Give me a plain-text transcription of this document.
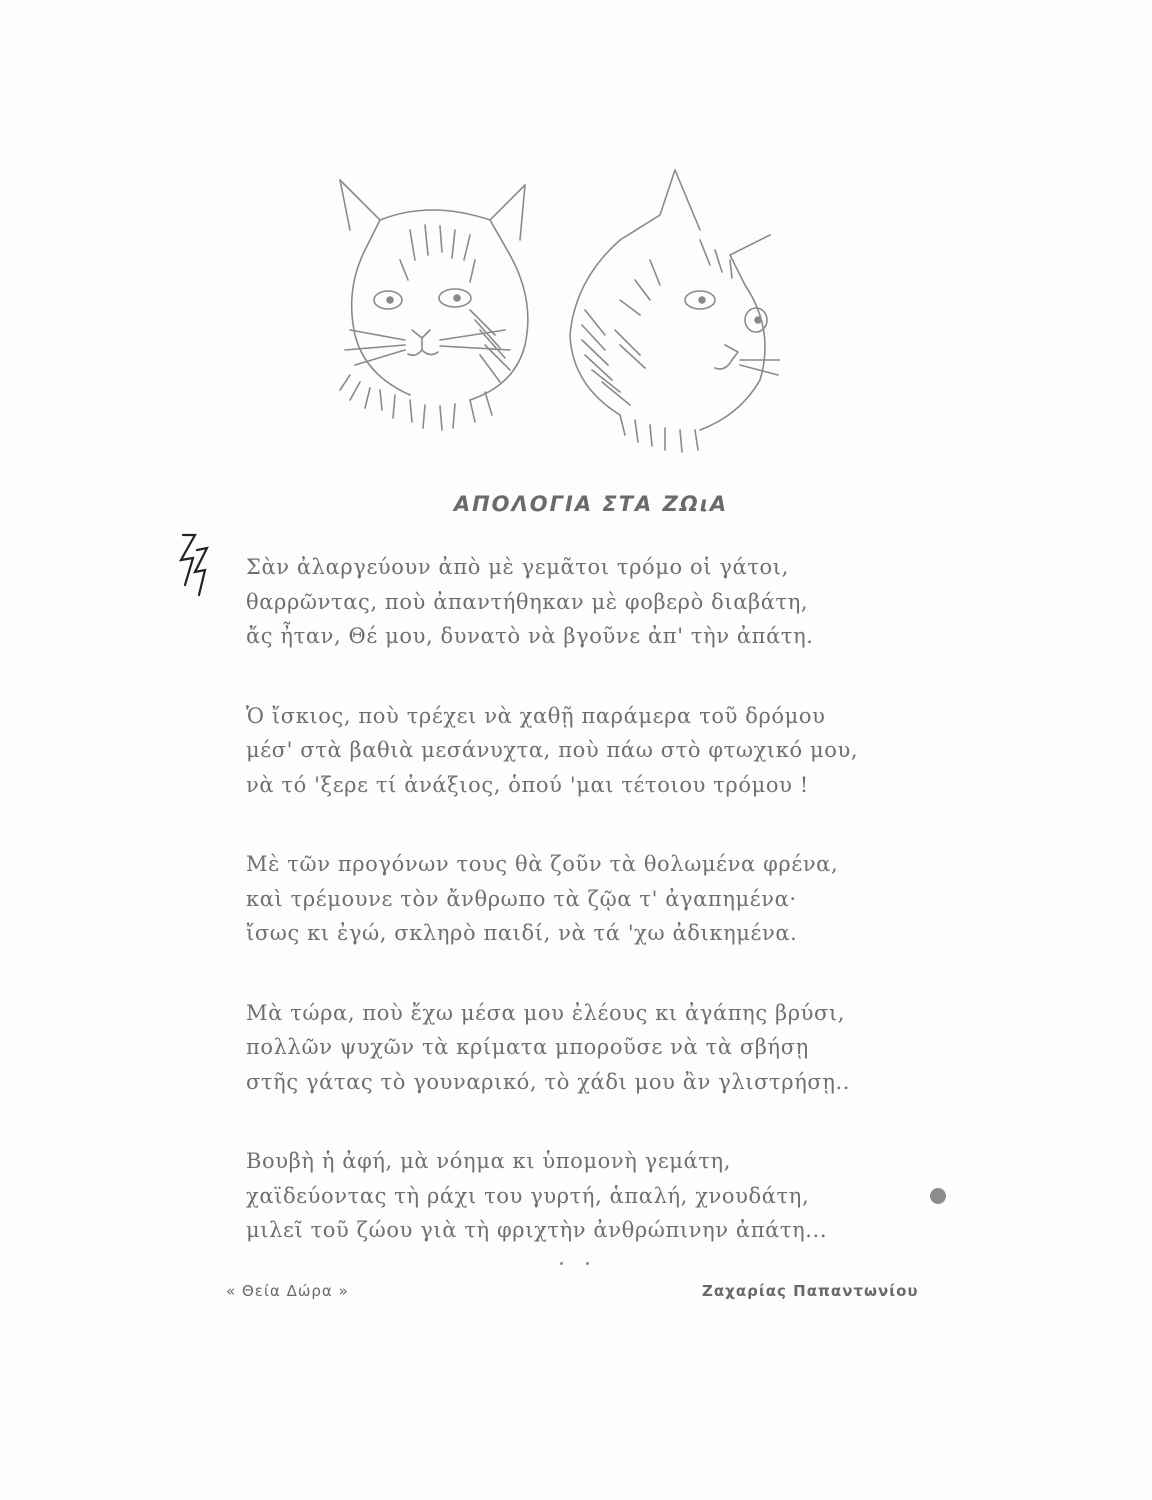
ΑΠΟΛΟΓΙΑ ΣΤΑ ΖΩιΑ
Σὰν ἀλαργεύουν ἀπὸ μὲ γεμᾶτοι τρόμο οἱ γάτοι,
θαρρῶντας, ποὺ ἀπαντήθηκαν μὲ φοβερὸ διαβάτη,
ἄς ἦταν, Θέ μου, δυνατὸ νὰ βγοῦνε ἀπ' τὴν ἀπάτη.
Ὁ ἴσκιος, ποὺ τρέχει νὰ χαθῇ παράμερα τοῦ δρόμου
μέσ' στὰ βαθιὰ μεσάνυχτα, ποὺ πάω στὸ φτωχικό μου,
νὰ τό 'ξερε τί ἀνάξιος, ὁπού 'μαι τέτοιου τρόμου !
Μὲ τῶν προγόνων τους θὰ ζοῦν τὰ θολωμένα φρένα,
καὶ τρέμουνε τὸν ἄνθρωπο τὰ ζῷα τ' ἀγαπημένα·
ἴσως κι ἐγώ, σκληρὸ παιδί, νὰ τά 'χω ἀδικημένα.
Μὰ τώρα, ποὺ ἔχω μέσα μου ἐλέους κι ἀγάπης βρύσι,
πολλῶν ψυχῶν τὰ κρίματα μποροῦσε νὰ τὰ σβήσῃ
στῆς γάτας τὸ γουναρικό, τὸ χάδι μου ἂν γλιστρήσῃ..
Βουβὴ ἡ ἀφή, μὰ νόημα κι ὑπομονὴ γεμάτη,
χαϊδεύοντας τὴ ράχι του γυρτή, ἁπαλή, χνουδάτη,
μιλεῖ τοῦ ζώου γιὰ τὴ φριχτὴν ἀνθρώπινην ἀπάτη...
« Θεία Δώρα »	Ζαχαρίας Παπαντωνίου
